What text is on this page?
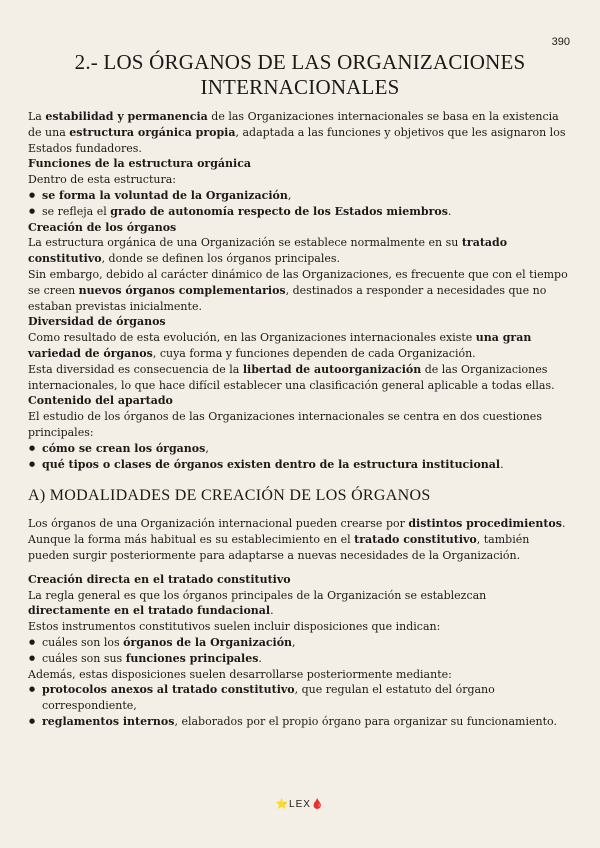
390
2.- LOS ÓRGANOS DE LAS ORGANIZACIONES
INTERNACIONALES

La estabilidad y permanencia de las Organizaciones internacionales se basa en la existencia de una estructura orgánica propia, adaptada a las funciones y objetivos que les asignaron los Estados fundadores.

Funciones de la estructura orgánica

Dentro de esta estructura:

● se forma la voluntad de la Organización,
● se refleja el grado de autonomía respecto de los Estados miembros.
Creación de los órganos

La estructura orgánica de una Organización se establece normalmente en su tratado constitutivo, donde se definen los órganos principales.

Sin embargo, debido al carácter dinámico de las Organizaciones, es frecuente que con el tiempo se creen nuevos órganos complementarios, destinados a responder a necesidades que no estaban previstas inicialmente.

Diversidad de órganos

Como resultado de esta evolución, en las Organizaciones internacionales existe una gran variedad de órganos, cuya forma y funciones dependen de cada Organización.

Esta diversidad es consecuencia de la libertad de autoorganización de las Organizaciones internacionales, lo que hace difícil establecer una clasificación general aplicable a todas ellas.

Contenido del apartado

El estudio de los órganos de las Organizaciones internacionales se centra en dos cuestiones principales:

● cómo se crean los órganos,
● qué tipos o clases de órganos existen dentro de la estructura institucional.
A) MODALIDADES DE CREACIÓN DE LOS ÓRGANOS

Los órganos de una Organización internacional pueden crearse por distintos procedimientos. Aunque la forma más habitual es su establecimiento en el tratado constitutivo, también pueden surgir posteriormente para adaptarse a nuevas necesidades de la Organización.

Creación directa en el tratado constitutivo

La regla general es que los órganos principales de la Organización se establezcan directamente en el tratado fundacional.

Estos instrumentos constitutivos suelen incluir disposiciones que indican:

● cuáles son los órganos de la Organización,
● cuáles son sus funciones principales.

Además, estas disposiciones suelen desarrollarse posteriormente mediante:

● protocolos anexos al tratado constitutivo, que regulan el estatuto del órgano correspondiente,
● reglamentos internos, elaborados por el propio órgano para organizar su funcionamiento.
⭐LEX🩸
